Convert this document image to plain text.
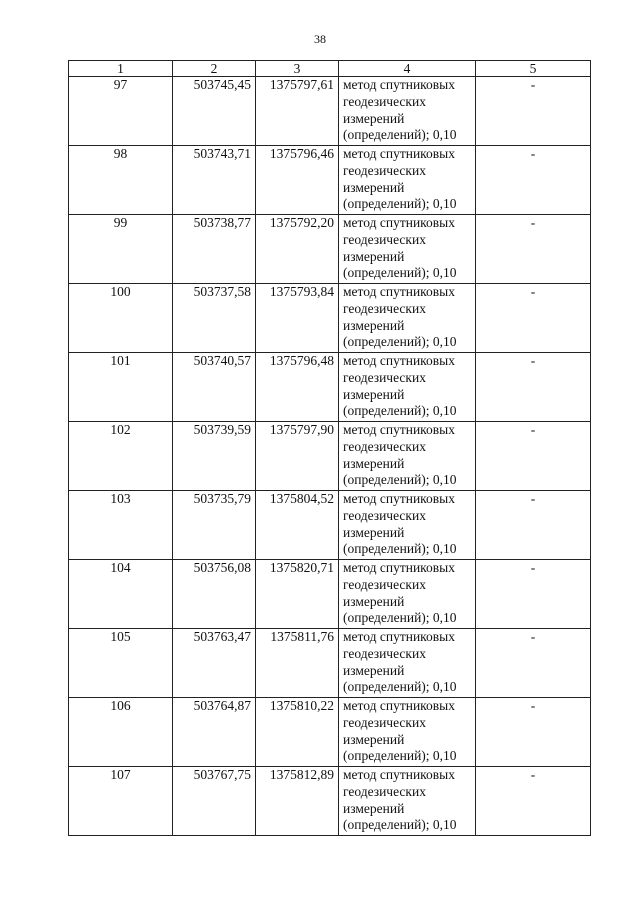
38
1	2	3	4	5
97	503745,45	1375797,61	метод спутниковых геодезических измерений (определений); 0,10	-
98	503743,71	1375796,46	метод спутниковых геодезических измерений (определений); 0,10	-
99	503738,77	1375792,20	метод спутниковых геодезических измерений (определений); 0,10	-
100	503737,58	1375793,84	метод спутниковых геодезических измерений (определений); 0,10	-
101	503740,57	1375796,48	метод спутниковых геодезических измерений (определений); 0,10	-
102	503739,59	1375797,90	метод спутниковых геодезических измерений (определений); 0,10	-
103	503735,79	1375804,52	метод спутниковых геодезических измерений (определений); 0,10	-
104	503756,08	1375820,71	метод спутниковых геодезических измерений (определений); 0,10	-
105	503763,47	1375811,76	метод спутниковых геодезических измерений (определений); 0,10	-
106	503764,87	1375810,22	метод спутниковых геодезических измерений (определений); 0,10	-
107	503767,75	1375812,89	метод спутниковых геодезических измерений (определений); 0,10	-
